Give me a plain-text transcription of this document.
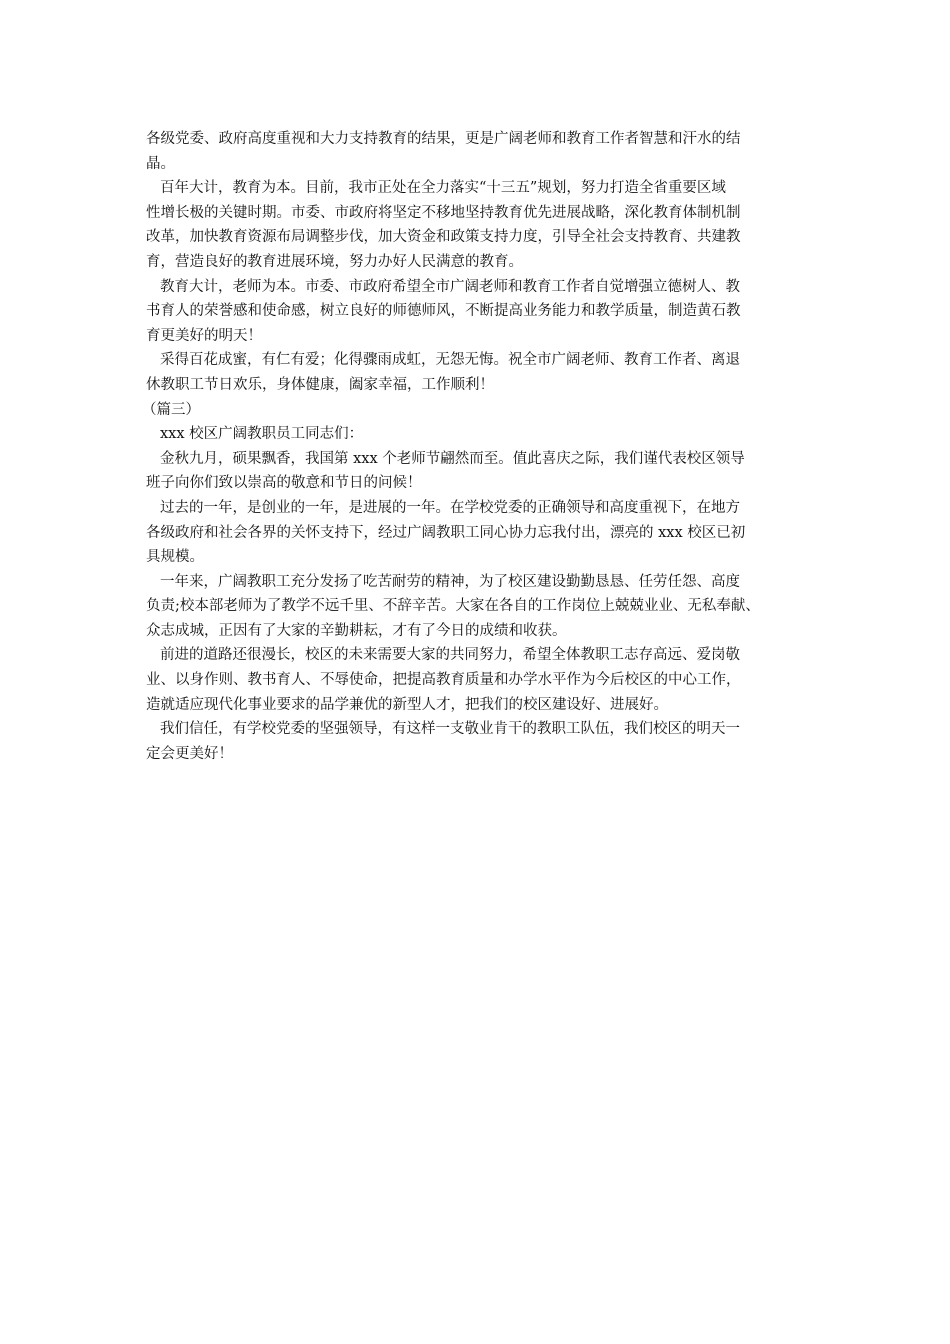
各级党委、政府高度重视和大力支持教育的结果，更是广阔老师和教育工作者智慧和汗水的结
晶。
百年大计，教育为本。目前，我市正处在全力落实“十三五”规划，努力打造全省重要区域
性增长极的关键时期。市委、市政府将坚定不移地坚持教育优先进展战略，深化教育体制机制
改革，加快教育资源布局调整步伐，加大资金和政策支持力度，引导全社会支持教育、共建教
育，营造良好的教育进展环境，努力办好人民满意的教育。
教育大计，老师为本。市委、市政府希望全市广阔老师和教育工作者自觉增强立德树人、教
书育人的荣誉感和使命感，树立良好的师德师风，不断提高业务能力和教学质量，制造黄石教
育更美好的明天！
采得百花成蜜，有仁有爱；化得骤雨成虹，无怨无悔。祝全市广阔老师、教育工作者、离退
休教职工节日欢乐，身体健康，阖家幸福，工作顺利！
（篇三）
xxx 校区广阔教职员工同志们：
金秋九月，硕果飘香，我国第 xxx 个老师节翩然而至。值此喜庆之际，我们谨代表校区领导
班子向你们致以崇高的敬意和节日的问候！
过去的一年，是创业的一年，是进展的一年。在学校党委的正确领导和高度重视下，在地方
各级政府和社会各界的关怀支持下，经过广阔教职工同心协力忘我付出，漂亮的 xxx 校区已初
具规模。
一年来，广阔教职工充分发扬了吃苦耐劳的精神，为了校区建设勤勤恳恳、任劳任怨、高度
负责;校本部老师为了教学不远千里、不辞辛苦。大家在各自的工作岗位上兢兢业业、无私奉献、
众志成城，正因有了大家的辛勤耕耘，才有了今日的成绩和收获。
前进的道路还很漫长，校区的未来需要大家的共同努力，希望全体教职工志存高远、爱岗敬
业、以身作则、教书育人、不辱使命，把提高教育质量和办学水平作为今后校区的中心工作，
造就适应现代化事业要求的品学兼优的新型人才，把我们的校区建设好、进展好。
我们信任，有学校党委的坚强领导，有这样一支敬业肯干的教职工队伍，我们校区的明天一
定会更美好！
